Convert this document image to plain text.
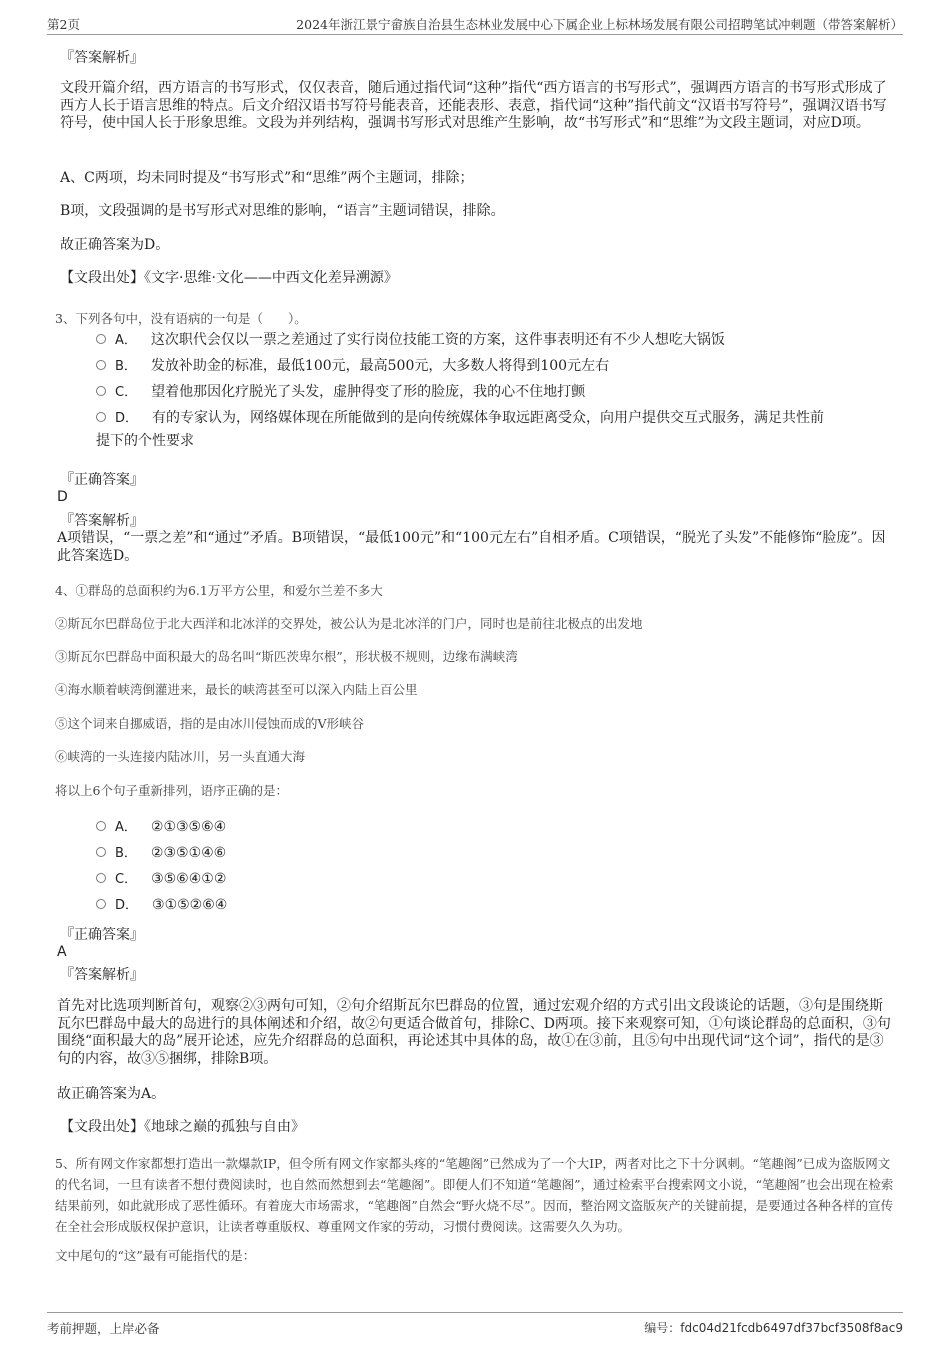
第2页	2024年浙江景宁畲族自治县生态林业发展中心下属企业上标林场发展有限公司招聘笔试冲刺题（带答案解析）
『答案解析』
文段开篇介绍，西方语言的书写形式，仅仅表音，随后通过指代词“这种”指代“西方语言的书写形式”，强调西方语言的书写形式形成了西方人长于语言思维的特点。后文介绍汉语书写符号能表音，还能表形、表意，指代词“这种”指代前文“汉语书写符号”，强调汉语书写符号，使中国人长于形象思维。文段为并列结构，强调书写形式对思维产生影响，故“书写形式”和“思维”为文段主题词，对应D项。
A、C两项，均未同时提及“书写形式”和“思维”两个主题词，排除；
B项，文段强调的是书写形式对思维的影响，“语言”主题词错误，排除。
故正确答案为D。
【文段出处】《文字·思维·文化——中西文化差异溯源》
3、下列各句中，没有语病的一句是（　　）。
A． 这次职代会仅以一票之差通过了实行岗位技能工资的方案，这件事表明还有不少人想吃大锅饭
B． 发放补助金的标准，最低100元，最高500元，大多数人将得到100元左右
C． 望着他那因化疗脱光了头发，虚肿得变了形的脸庞，我的心不住地打颤
D． 有的专家认为，网络媒体现在所能做到的是向传统媒体争取远距离受众，向用户提供交互式服务，满足共性前
提下的个性要求
『正确答案』
D
『答案解析』
A项错误，“一票之差”和“通过”矛盾。B项错误，“最低100元”和“100元左右”自相矛盾。C项错误，“脱光了头发”不能修饰“脸庞”。因此答案选D。
4、①群岛的总面积约为6.1万平方公里，和爱尔兰差不多大
②斯瓦尔巴群岛位于北大西洋和北冰洋的交界处，被公认为是北冰洋的门户，同时也是前往北极点的出发地
③斯瓦尔巴群岛中面积最大的岛名叫“斯匹茨卑尔根”，形状极不规则，边缘布满峡湾
④海水顺着峡湾倒灌进来，最长的峡湾甚至可以深入内陆上百公里
⑤这个词来自挪威语，指的是由冰川侵蚀而成的V形峡谷
⑥峡湾的一头连接内陆冰川，另一头直通大海
将以上6个句子重新排列，语序正确的是：
A． ②①③⑤⑥④
B． ②③⑤①④⑥
C． ③⑤⑥④①②
D． ③①⑤②⑥④
『正确答案』
A
『答案解析』
首先对比选项判断首句，观察②③两句可知，②句介绍斯瓦尔巴群岛的位置，通过宏观介绍的方式引出文段谈论的话题，③句是围绕斯瓦尔巴群岛中最大的岛进行的具体阐述和介绍，故②句更适合做首句，排除C、D两项。接下来观察可知，①句谈论群岛的总面积，③句围绕“面积最大的岛”展开论述，应先介绍群岛的总面积，再论述其中具体的岛，故①在③前，且⑤句中出现代词“这个词”，指代的是③句的内容，故③⑤捆绑，排除B项。
故正确答案为A。
【文段出处】《地球之巅的孤独与自由》
5、所有网文作家都想打造出一款爆款IP，但令所有网文作家都头疼的“笔趣阁”已然成为了一个大IP，两者对比之下十分讽刺。“笔趣阁”已成为盗版网文的代名词，一旦有读者不想付费阅读时，也自然而然想到去“笔趣阁”。即便人们不知道“笔趣阁”，通过检索平台搜索网文小说，“笔趣阁”也会出现在检索结果前列，如此就形成了恶性循环。有着庞大市场需求，“笔趣阁”自然会“野火烧不尽”。因而，整治网文盗版灰产的关键前提，是要通过各种各样的宣传在全社会形成版权保护意识，让读者尊重版权、尊重网文作家的劳动，习惯付费阅读。这需要久久为功。
文中尾句的“这”最有可能指代的是：
考前押题，上岸必备	编号：fdc04d21fcdb6497df37bcf3508f8ac9
